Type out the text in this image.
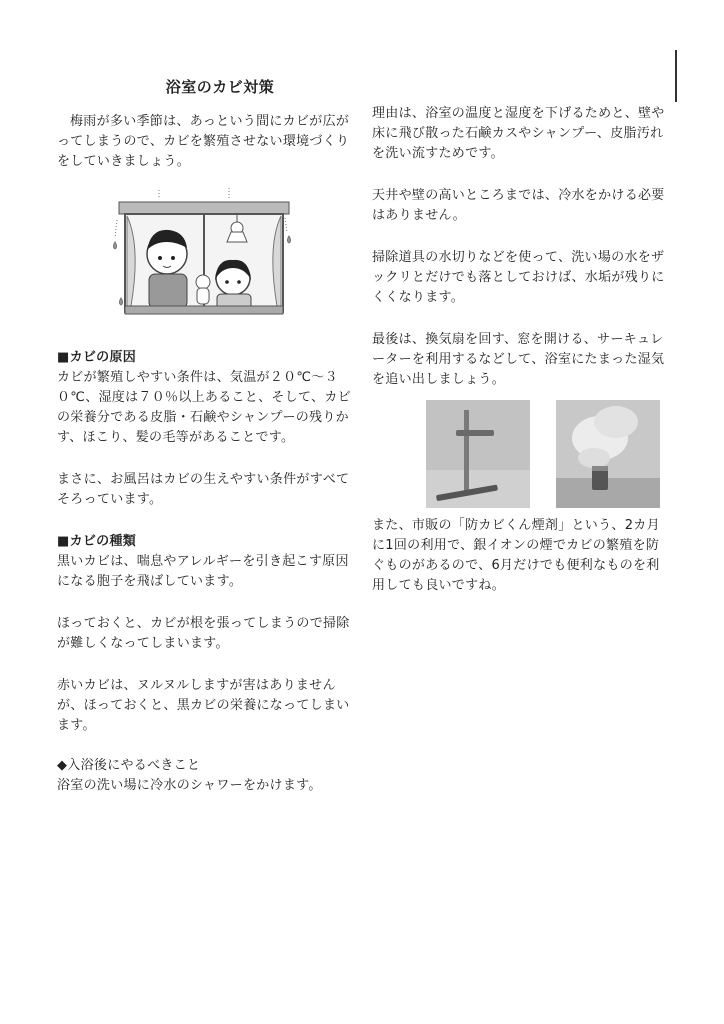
浴室のカビ対策

梅雨が多い季節は、あっという間にカビが広がってしまうので、カビを繁殖させない環境づくりをしていきましょう。

■カビの原因

カビが繁殖しやすい条件は、気温が２０℃～３０℃、湿度は７０％以上あること、そして、カビの栄養分である皮脂・石鹸やシャンプーの残りかす、ほこり、髪の毛等があることです。

まさに、お風呂はカビの生えやすい条件がすべてそろっています。

■カビの種類

黒いカビは、喘息やアレルギーを引き起こす原因になる胞子を飛ばしています。

ほっておくと、カビが根を張ってしまうので掃除が難しくなってしまいます。

赤いカビは、ヌルヌルしますが害はありませんが、ほっておくと、黒カビの栄養になってしまいます。

◆入浴後にやるべきこと

浴室の洗い場に冷水のシャワーをかけます。

理由は、浴室の温度と湿度を下げるためと、壁や床に飛び散った石鹸カスやシャンプー、皮脂汚れを洗い流すためです。

天井や壁の高いところまでは、冷水をかける必要はありません。

掃除道具の水切りなどを使って、洗い場の水をザックリとだけでも落としておけば、水垢が残りにくくなります。

最後は、換気扇を回す、窓を開ける、サーキュレーターを利用するなどして、浴室にたまった湿気を追い出しましょう。

また、市販の「防カビくん煙剤」という、2カ月に1回の利用で、銀イオンの煙でカビの繁殖を防ぐものがあるので、6月だけでも便利なものを利用しても良いですね。
